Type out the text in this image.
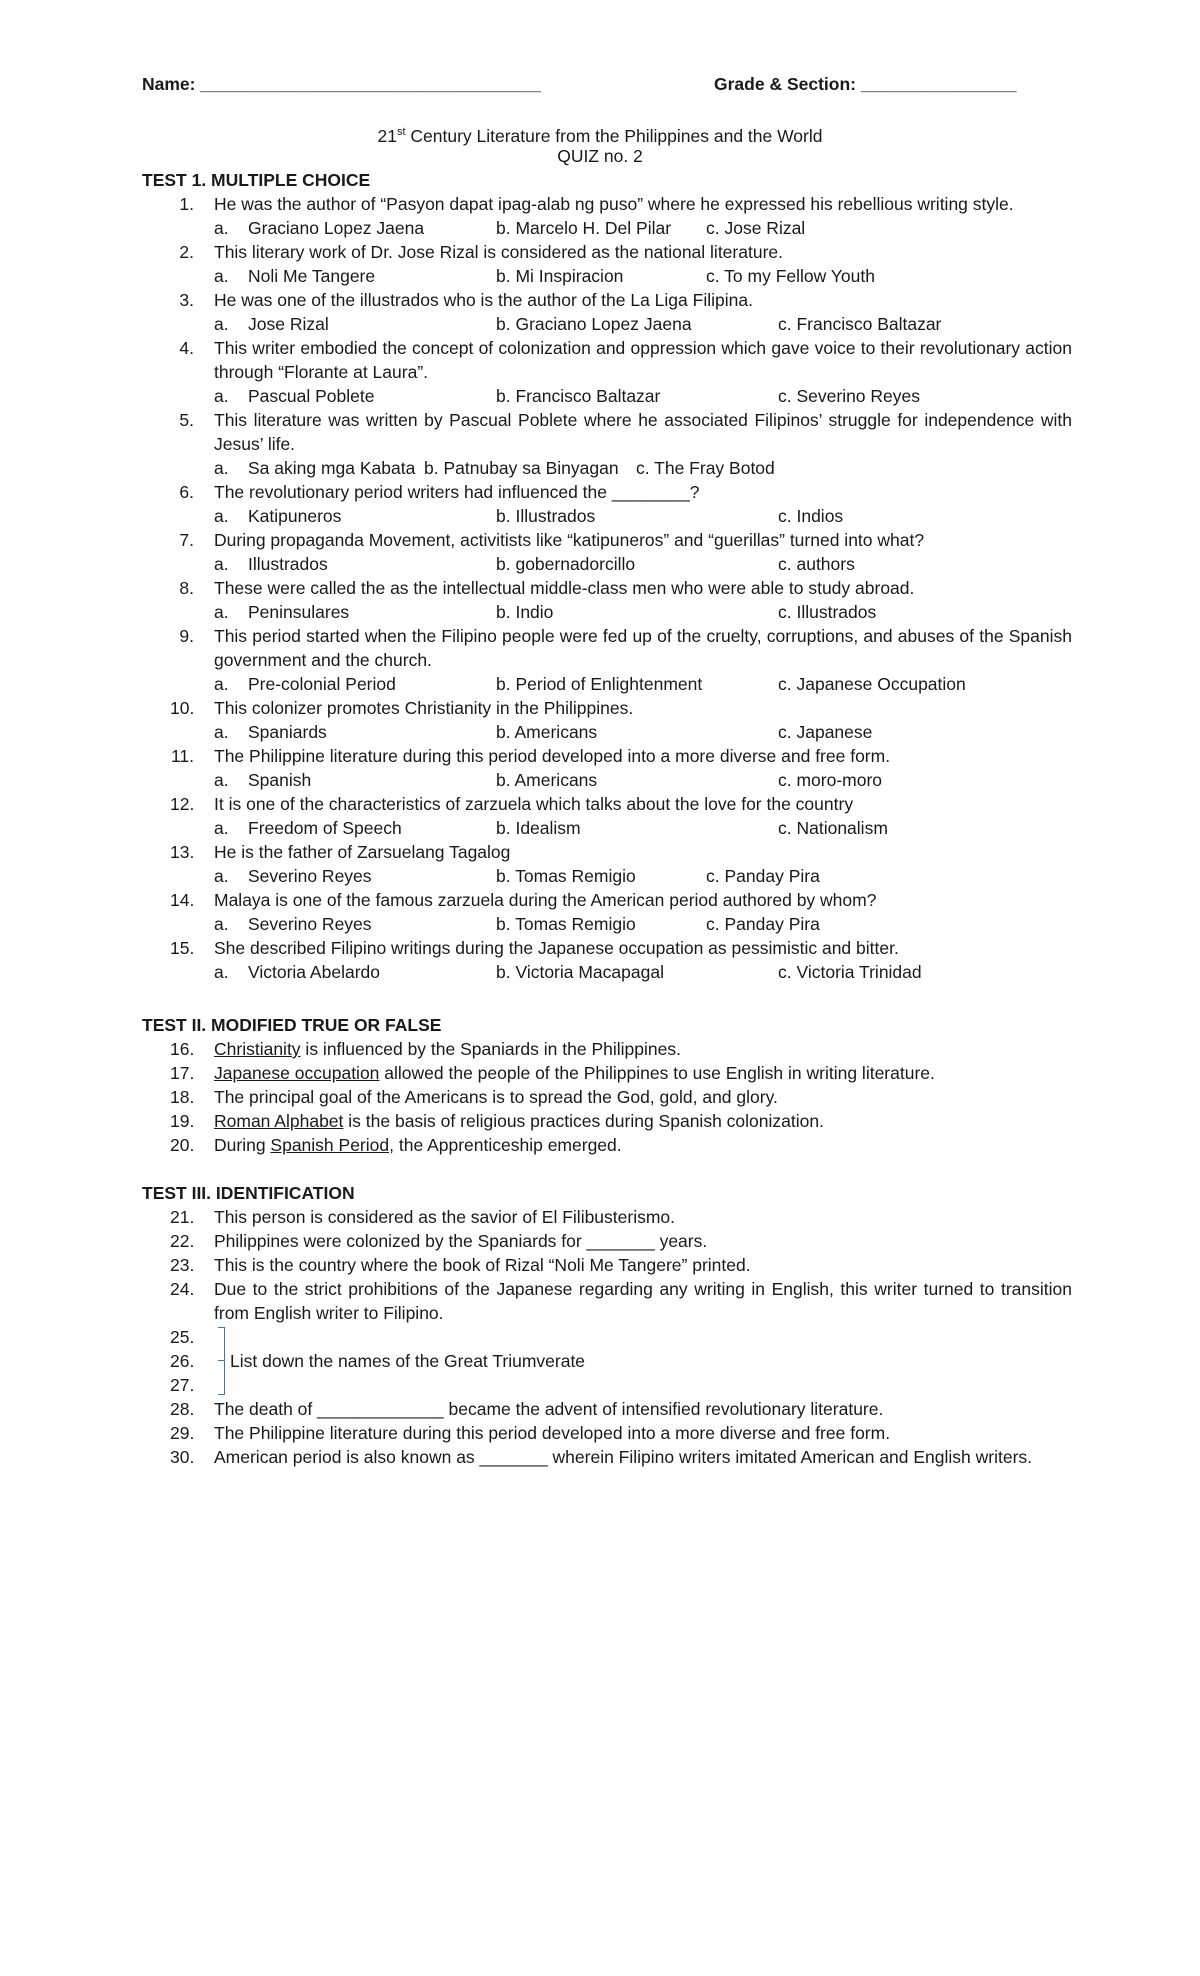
Name: ___________________________________	Grade & Section: ________________
21st Century Literature from the Philippines and the World
QUIZ no. 2
TEST 1. MULTIPLE CHOICE
TEST II. MODIFIED TRUE OR FALSE
TEST III. IDENTIFICATION
1. He was the author of “Pasyon dapat ipag-alab ng puso” where he expressed his rebellious writing style.
a. Graciano Lopez Jaena	b. Marcelo H. Del Pilar c. Jose Rizal
2. This literary work of Dr. Jose Rizal is considered as the national literature.
a. Noli Me Tangere	b. Mi Inspiracion	c. To my Fellow Youth
3. He was one of the illustrados who is the author of the La Liga Filipina.
a. Jose Rizal	b. Graciano Lopez Jaena	c. Francisco Baltazar
4. This writer embodied the concept of colonization and oppression which gave voice to their revolutionary action through “Florante at Laura”.
a. Pascual Poblete	b. Francisco Baltazar	c. Severino Reyes
5. This literature was written by Pascual Poblete where he associated Filipinos’ struggle for independence with Jesus’ life.
a. Sa aking mga Kabata b. Patnubay sa Binyagan c. The Fray Botod
6. The revolutionary period writers had influenced the ________?
a. Katipuneros	b. Illustrados	c. Indios
7. During propaganda Movement, activitists like “katipuneros” and “guerillas” turned into what?
a. Illustrados	b. gobernadorcillo	c. authors
8. These were called the as the intellectual middle-class men who were able to study abroad.
a. Peninsulares	b. Indio	c. Illustrados
9. This period started when the Filipino people were fed up of the cruelty, corruptions, and abuses of the Spanish government and the church.
a. Pre-colonial Period	b. Period of Enlightenment	c. Japanese Occupation
10. This colonizer promotes Christianity in the Philippines.
a. Spaniards	b. Americans	c. Japanese
11. The Philippine literature during this period developed into a more diverse and free form.
a. Spanish	b. Americans	c. moro-moro
12. It is one of the characteristics of zarzuela which talks about the love for the country
a. Freedom of Speech	b. Idealism	c. Nationalism
13. He is the father of Zarsuelang Tagalog
a. Severino Reyes	b. Tomas Remigio	c. Panday Pira
14. Malaya is one of the famous zarzuela during the American period authored by whom?
a. Severino Reyes	b. Tomas Remigio	c. Panday Pira
15. She described Filipino writings during the Japanese occupation as pessimistic and bitter.
a. Victoria Abelardo	b. Victoria Macapagal	c. Victoria Trinidad
16. Christianity is influenced by the Spaniards in the Philippines.
17. Japanese occupation allowed the people of the Philippines to use English in writing literature.
18. The principal goal of the Americans is to spread the God, gold, and glory.
19. Roman Alphabet is the basis of religious practices during Spanish colonization.
20. During Spanish Period, the Apprenticeship emerged.
21. This person is considered as the savior of El Filibusterismo.
22. Philippines were colonized by the Spaniards for _______ years.
23. This is the country where the book of Rizal “Noli Me Tangere” printed.
24. Due to the strict prohibitions of the Japanese regarding any writing in English, this writer turned to transition from English writer to Filipino.
25.
26.
27.
28. The death of _____________ became the advent of intensified revolutionary literature.
29. The Philippine literature during this period developed into a more diverse and free form.
30. American period is also known as _______ wherein Filipino writers imitated American and English writers.
List down the names of the Great Triumverate
